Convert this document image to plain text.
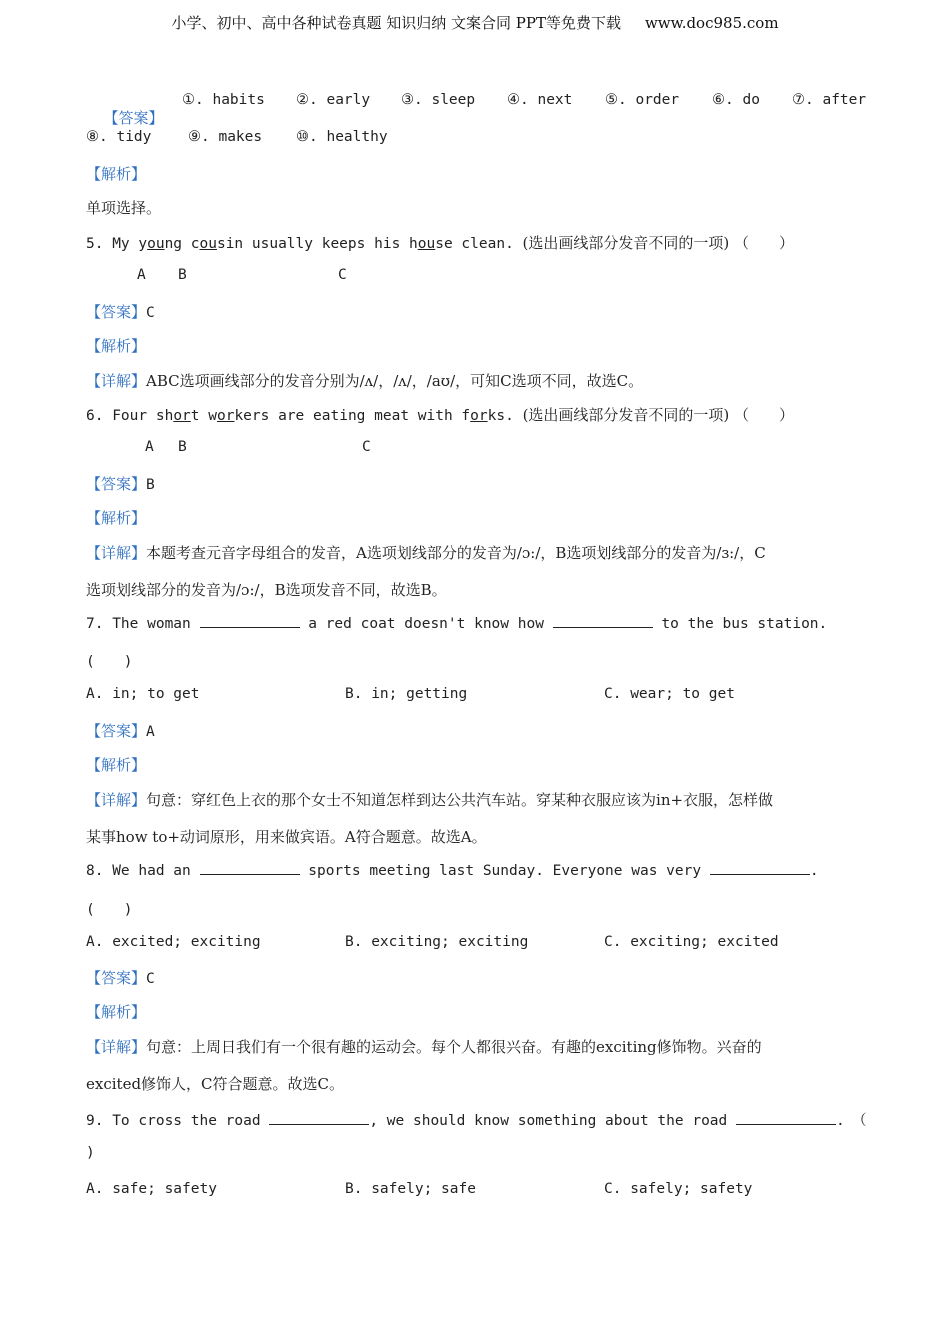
小学、初中、高中各种试卷真题 知识归纳 文案合同 PPT等免费下载 www.doc985.com

【答案】

①. habits ②. early ③. sleep ④. next ⑤. order ⑥. do ⑦. after
⑧. tidy	⑨. makes ⑩. healthy
【解析】
单项选择。
5. My young cousin usually keeps his house clean. (选出画线部分发音不同的一项) （　　）
A B	C
【答案】C
【解析】
【详解】ABC选项画线部分的发音分别为/ʌ/，/ʌ/，/aʊ/，可知C选项不同，故选C。
6. Four short workers are eating meat with forks. (选出画线部分发音不同的一项) （　　）
A B	C
【答案】B
【解析】
【详解】本题考查元音字母组合的发音，A选项划线部分的发音为/ɔ:/，B选项划线部分的发音为/ɜ:/，C
选项划线部分的发音为/ɔ:/，B选项发音不同，故选B。
7. The woman	a red coat doesn't know how	to the bus station.
(　　)
A. in; to get	B. in; getting	C. wear; to get
【答案】A
【解析】
【详解】句意：穿红色上衣的那个女士不知道怎样到达公共汽车站。穿某种衣服应该为in+衣服，怎样做
某事how to+动词原形，用来做宾语。A符合题意。故选A。
8. We had an	sports meeting last Sunday. Everyone was very	.
(　　)
A. excited; exciting	B. exciting; exciting	C. exciting; excited
【答案】C
【解析】
【详解】句意：上周日我们有一个很有趣的运动会。每个人都很兴奋。有趣的exciting修饰物。兴奋的
excited修饰人，C符合题意。故选C。
9. To cross the road	, we should know something about the road	.　（
)
A. safe; safety	B. safely; safe	C. safely; safety
